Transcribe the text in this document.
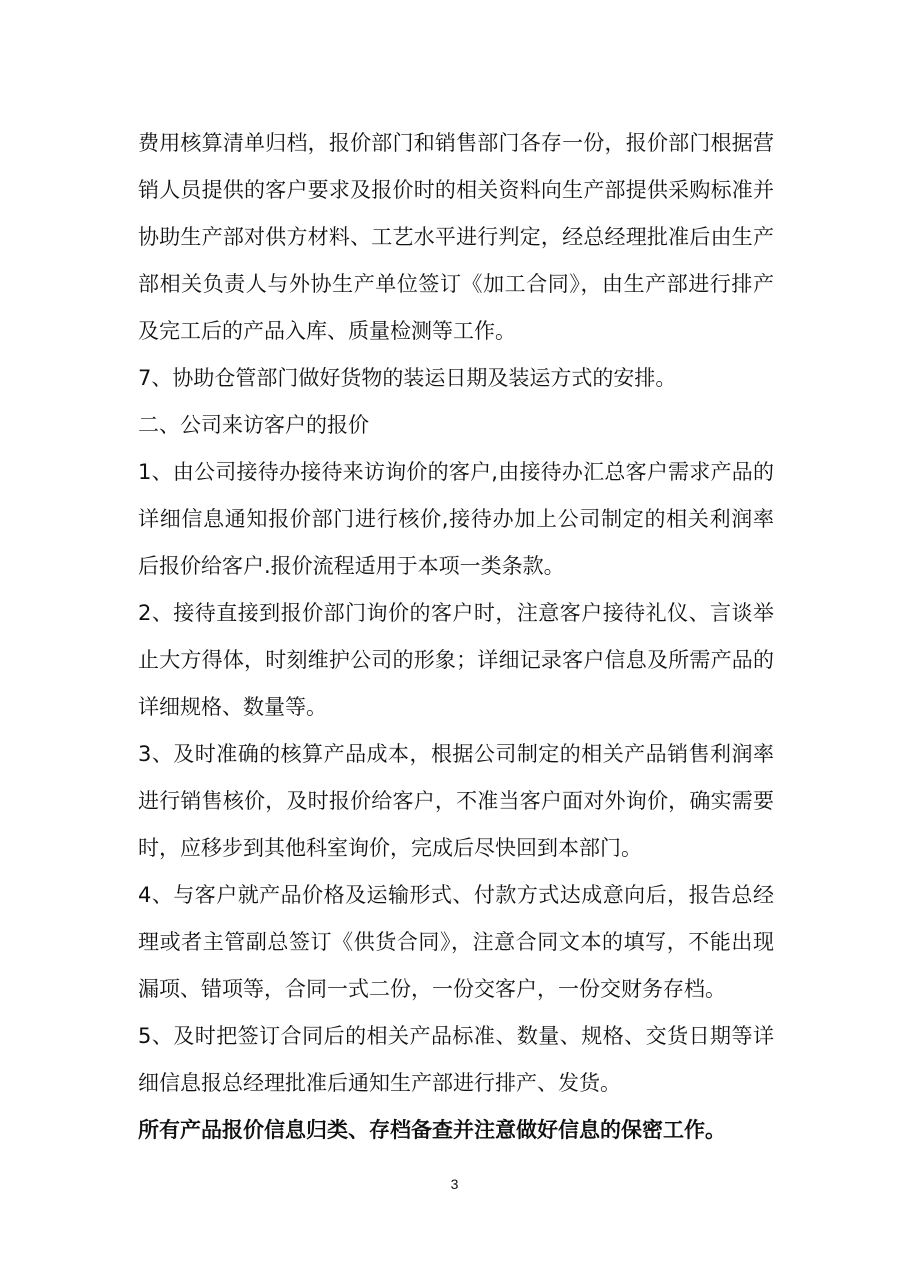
费用核算清单归档，报价部门和销售部门各存一份，报价部门根据营销人员提供的客户要求及报价时的相关资料向生产部提供采购标准并协助生产部对供方材料、工艺水平进行判定，经总经理批准后由生产部相关负责人与外协生产单位签订《加工合同》，由生产部进行排产及完工后的产品入库、质量检测等工作。

7、协助仓管部门做好货物的装运日期及装运方式的安排。

二、公司来访客户的报价

1、由公司接待办接待来访询价的客户,由接待办汇总客户需求产品的详细信息通知报价部门进行核价,接待办加上公司制定的相关利润率后报价给客户.报价流程适用于本项一类条款。

2、接待直接到报价部门询价的客户时，注意客户接待礼仪、言谈举止大方得体，时刻维护公司的形象；详细记录客户信息及所需产品的详细规格、数量等。

3、及时准确的核算产品成本，根据公司制定的相关产品销售利润率进行销售核价，及时报价给客户，不准当客户面对外询价，确实需要时，应移步到其他科室询价，完成后尽快回到本部门。

4、与客户就产品价格及运输形式、付款方式达成意向后，报告总经理或者主管副总签订《供货合同》，注意合同文本的填写，不能出现漏项、错项等，合同一式二份，一份交客户，一份交财务存档。

5、及时把签订合同后的相关产品标准、数量、规格、交货日期等详细信息报总经理批准后通知生产部进行排产、发货。

所有产品报价信息归类、存档备查并注意做好信息的保密工作。

3
